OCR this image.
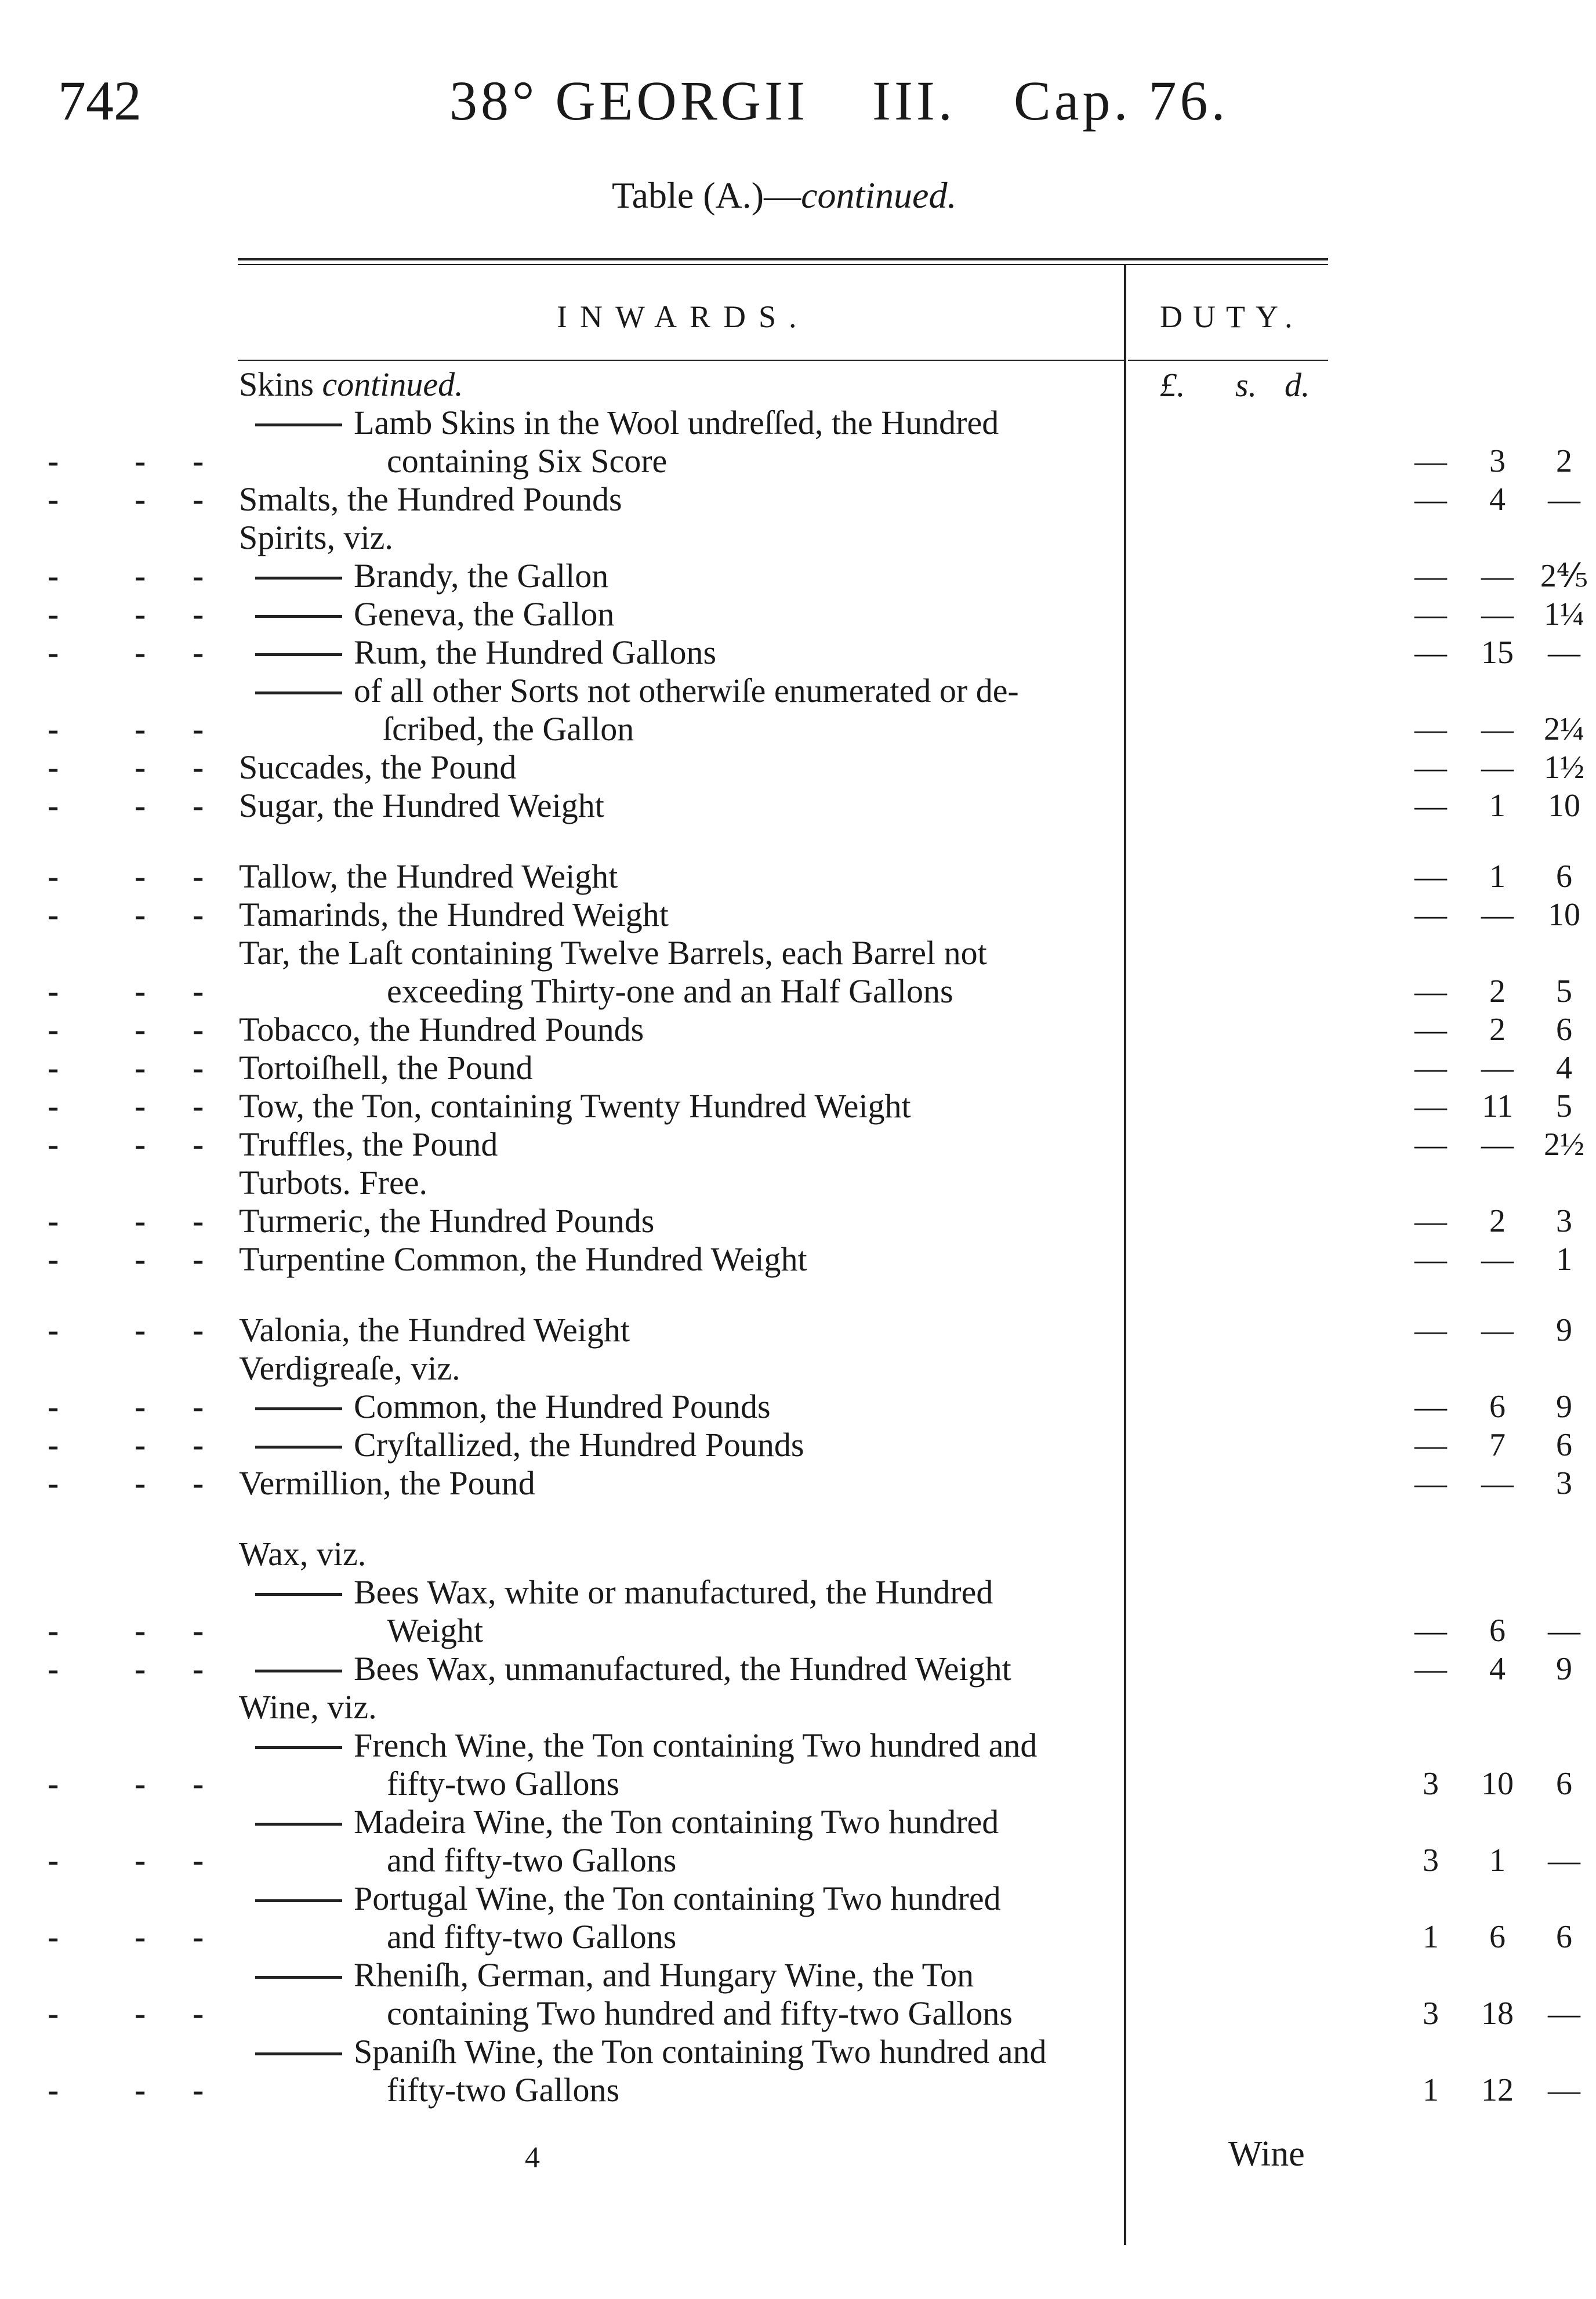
742	38° GEORGII III. Cap. 76.
Table (A.)—continued.
INWARDS.	DUTY.
£. s. d.
Skins continued.
Lamb Skins in the Wool undreſſed, the Hundred
containing Six Score
- - -	—	3	2
Smalts, the Hundred Pounds
- - -	—	4	—
Spirits, viz.
Brandy, the Gallon
- - -	—	— 2⅘
Geneva, the Gallon
- - -	—	— 1¼
Rum, the Hundred Gallons
- - -	—	15	—
of all other Sorts not otherwiſe enumerated or de-
ſcribed, the Gallon
- - -	—	— 2¼
Succades, the Pound
- - -	—	— 1½
Sugar, the Hundred Weight
- - -	—	1	10
Tallow, the Hundred Weight
- - -	—	1	6
Tamarinds, the Hundred Weight
- - -	—	—	10
Tar, the Laſt containing Twelve Barrels, each Barrel not
exceeding Thirty-one and an Half Gallons
- - -	—	2	5
Tobacco, the Hundred Pounds
- - -	—	2	6
Tortoiſhell, the Pound
- - -	—	—	4
Tow, the Ton, containing Twenty Hundred Weight
- - -	—	11	5
Truffles, the Pound
- - -	—	— 2½
Turbots. Free.
Turmeric, the Hundred Pounds
- - -	—	2	3
Turpentine Common, the Hundred Weight
- - -	—	—	1
Valonia, the Hundred Weight
- - -	—	—	9
Verdigreaſe, viz.
Common, the Hundred Pounds
- - -	—	6	9
Cryſtallized, the Hundred Pounds
- - -	—	7	6
Vermillion, the Pound
- - -	—	—	3
Wax, viz.
Bees Wax, white or manufactured, the Hundred
Weight
- - -	—	6	—
Bees Wax, unmanufactured, the Hundred Weight
- - -	—	4	9
Wine, viz.
French Wine, the Ton containing Two hundred and
fifty-two Gallons
- - -	3	10	6
Madeira Wine, the Ton containing Two hundred
and fifty-two Gallons
- - -	3	1	—
Portugal Wine, the Ton containing Two hundred
and fifty-two Gallons
- - -	1	6	6
Rheniſh, German, and Hungary Wine, the Ton
containing Two hundred and fifty-two Gallons
- - -	3	18	—
Spaniſh Wine, the Ton containing Two hundred and
fifty-two Gallons
- - -	1	12	—
4	Wine
